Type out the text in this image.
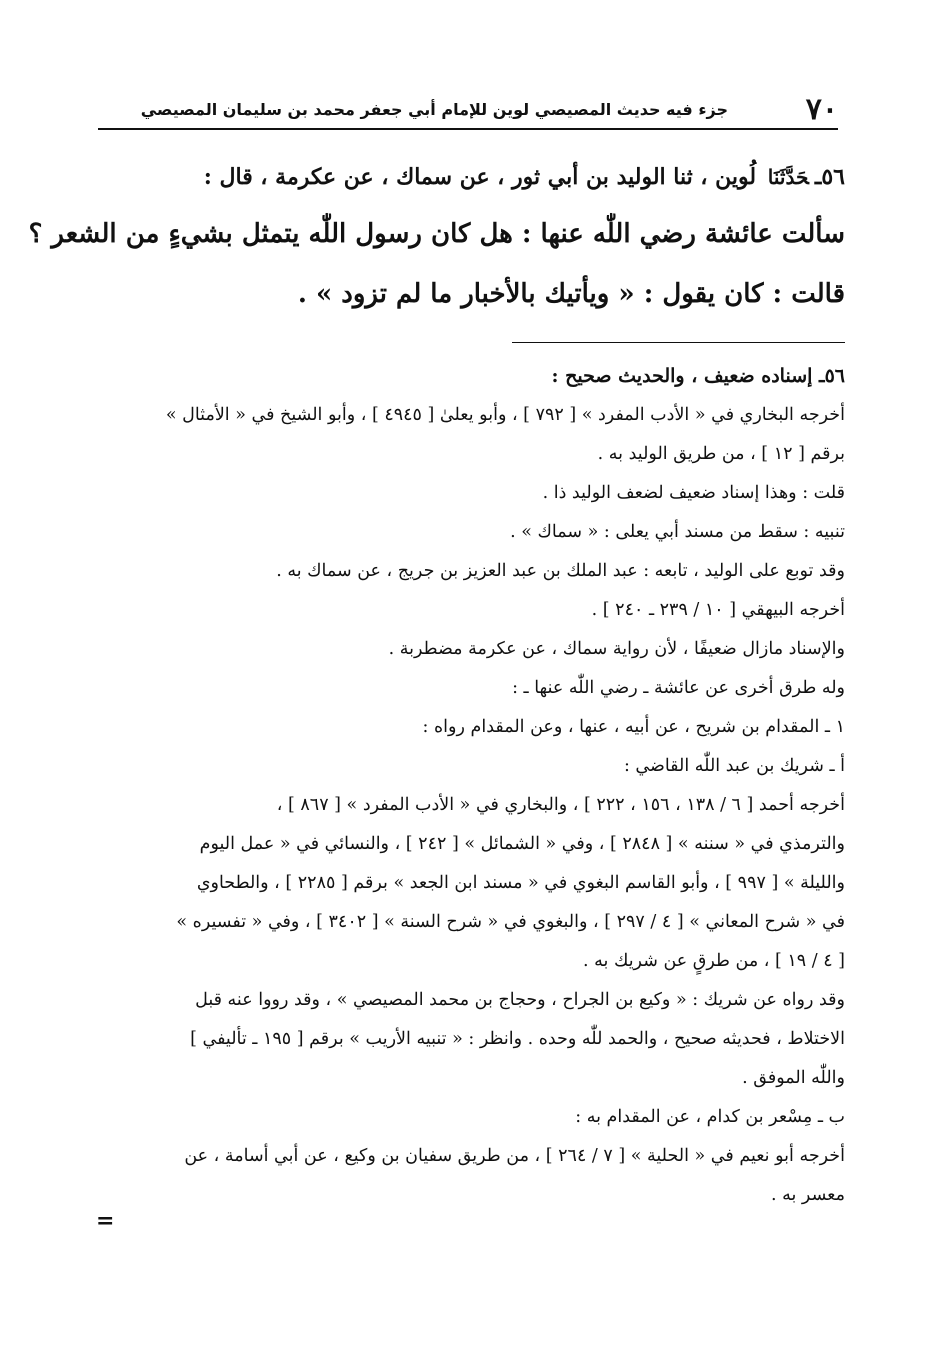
٧٠
جزء فيه حديث المصيصي لوين للإمام أبي جعفر محمد بن سليمان المصيصي
٥٦ـحَدَّثَنَا لُوين ، ثنا الوليد بن أبي ثور ، عن سماك ، عن عكرمة ، قال :
سألت عائشة رضي اللّٰه عنها : هل كان رسول اللّٰه يتمثل بشيءٍ من الشعر ؟
قالت : كان يقول : « ويأتيك بالأخبار ما لم تزود » .
٥٦ـ إسناده ضعيف ، والحديث صحيح :
أخرجه البخاري في « الأدب المفرد » [ ٧٩٢ ] ، وأبو يعلىٰ [ ٤٩٤٥ ] ، وأبو الشيخ في « الأمثال »
برقم [ ١٢ ] ، من طريق الوليد به .
قلت : وهذا إسناد ضعيف لضعف الوليد ذا .
تنبيه : سقط من مسند أبي يعلى : « سماك » .
وقد توبع على الوليد ، تابعه : عبد الملك بن عبد العزيز بن جريج ، عن سماك به .
أخرجه البيهقي [ ١٠ / ٢٣٩ ـ ٢٤٠ ] .
والإسناد مازال ضعيفًا ، لأن رواية سماك ، عن عكرمة مضطربة .
وله طرق أخرى عن عائشة ـ رضي اللّٰه عنها ـ :
١ ـ المقدام بن شريح ، عن أبيه ، عنها ، وعن المقدام رواه :
أ ـ شريك بن عبد اللّٰه القاضي :
أخرجه أحمد [ ٦ / ١٣٨ ، ١٥٦ ، ٢٢٢ ] ، والبخاري في « الأدب المفرد » [ ٨٦٧ ] ،
والترمذي في « سننه » [ ٢٨٤٨ ] ، وفي « الشمائل » [ ٢٤٢ ] ، والنسائي في « عمل اليوم
والليلة » [ ٩٩٧ ] ، وأبو القاسم البغوي في « مسند ابن الجعد » برقم [ ٢٢٨٥ ] ، والطحاوي
في « شرح المعاني » [ ٤ / ٢٩٧ ] ، والبغوي في « شرح السنة » [ ٣٤٠٢ ] ، وفي « تفسيره »
[ ٤ / ١٩ ] ، من طرقٍ عن شريك به .
وقد رواه عن شريك : « وكيع بن الجراح ، وحجاج بن محمد المصيصي » ، وقد رووا عنه قبل
الاختلاط ، فحديثه صحيح ، والحمد للّٰه وحده . وانظر : « تنبيه الأريب » برقم [ ١٩٥ ـ تأليفي ]
واللّٰه الموفق .
ب ـ مِسْعر بن كدام ، عن المقدام به :
أخرجه أبو نعيم في « الحلية » [ ٧ / ٢٦٤ ] ، من طريق سفيان بن وكيع ، عن أبي أسامة ، عن
معسر به .
=
